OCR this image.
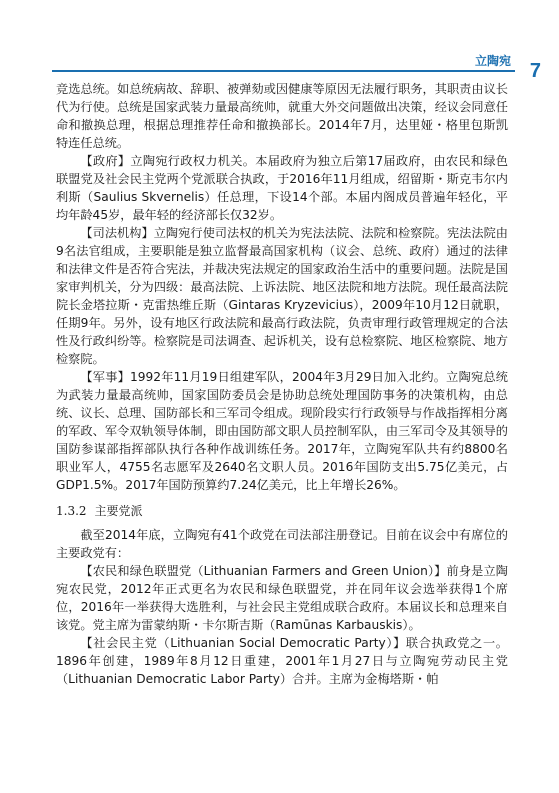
立陶宛 7

竞选总统。如总统病故、辞职、被弹劾或因健康等原因无法履行职务，其职责由议长代为行使。总统是国家武装力量最高统帅，就重大外交问题做出决策，经议会同意任命和撤换总理，根据总理推荐任命和撤换部长。2014年7月，达里娅・格里包斯凯特连任总统。

【政府】立陶宛行政权力机关。本届政府为独立后第17届政府，由农民和绿色联盟党及社会民主党两个党派联合执政，于2016年11月组成，绍留斯・斯克韦尔内利斯（Saulius Skvernelis）任总理，下设14个部。本届内阁成员普遍年轻化，平均年龄45岁，最年轻的经济部长仅32岁。

【司法机构】立陶宛行使司法权的机关为宪法法院、法院和检察院。宪法法院由9名法官组成，主要职能是独立监督最高国家机构（议会、总统、政府）通过的法律和法律文件是否符合宪法，并裁决宪法规定的国家政治生活中的重要问题。法院是国家审判机关，分为四级：最高法院、上诉法院、地区法院和地方法院。现任最高法院院长金塔拉斯・克雷热维丘斯（Gintaras Kryzevicius），2009年10月12日就职，任期9年。另外，设有地区行政法院和最高行政法院，负责审理行政管理规定的合法性及行政纠纷等。检察院是司法调查、起诉机关，设有总检察院、地区检察院、地方检察院。

【军事】1992年11月19日组建军队，2004年3月29日加入北约。立陶宛总统为武装力量最高统帅，国家国防委员会是协助总统处理国防事务的决策机构，由总统、议长、总理、国防部长和三军司令组成。现阶段实行行政领导与作战指挥相分离的军政、军令双轨领导体制，即由国防部文职人员控制军队，由三军司令及其领导的国防参谋部指挥部队执行各种作战训练任务。2017年，立陶宛军队共有约8800名职业军人，4755名志愿军及2640名文职人员。2016年国防支出5.75亿美元，占GDP1.5%。2017年国防预算约7.24亿美元，比上年增长26%。

1.3.2 主要党派

截至2014年底，立陶宛有41个政党在司法部注册登记。目前在议会中有席位的主要政党有：

【农民和绿色联盟党（Lithuanian Farmers and Green Union）】前身是立陶宛农民党，2012年正式更名为农民和绿色联盟党，并在同年议会选举获得1个席位，2016年一举获得大选胜利，与社会民主党组成联合政府。本届议长和总理来自该党。党主席为雷蒙纳斯・卡尔斯吉斯（Ramūnas Karbauskis）。

【社会民主党（Lithuanian Social Democratic Party）】联合执政党之一。1896年创建，1989年8月12日重建，2001年1月27日与立陶宛劳动民主党（Lithuanian Democratic Labor Party）合并。主席为金梅塔斯・帕
